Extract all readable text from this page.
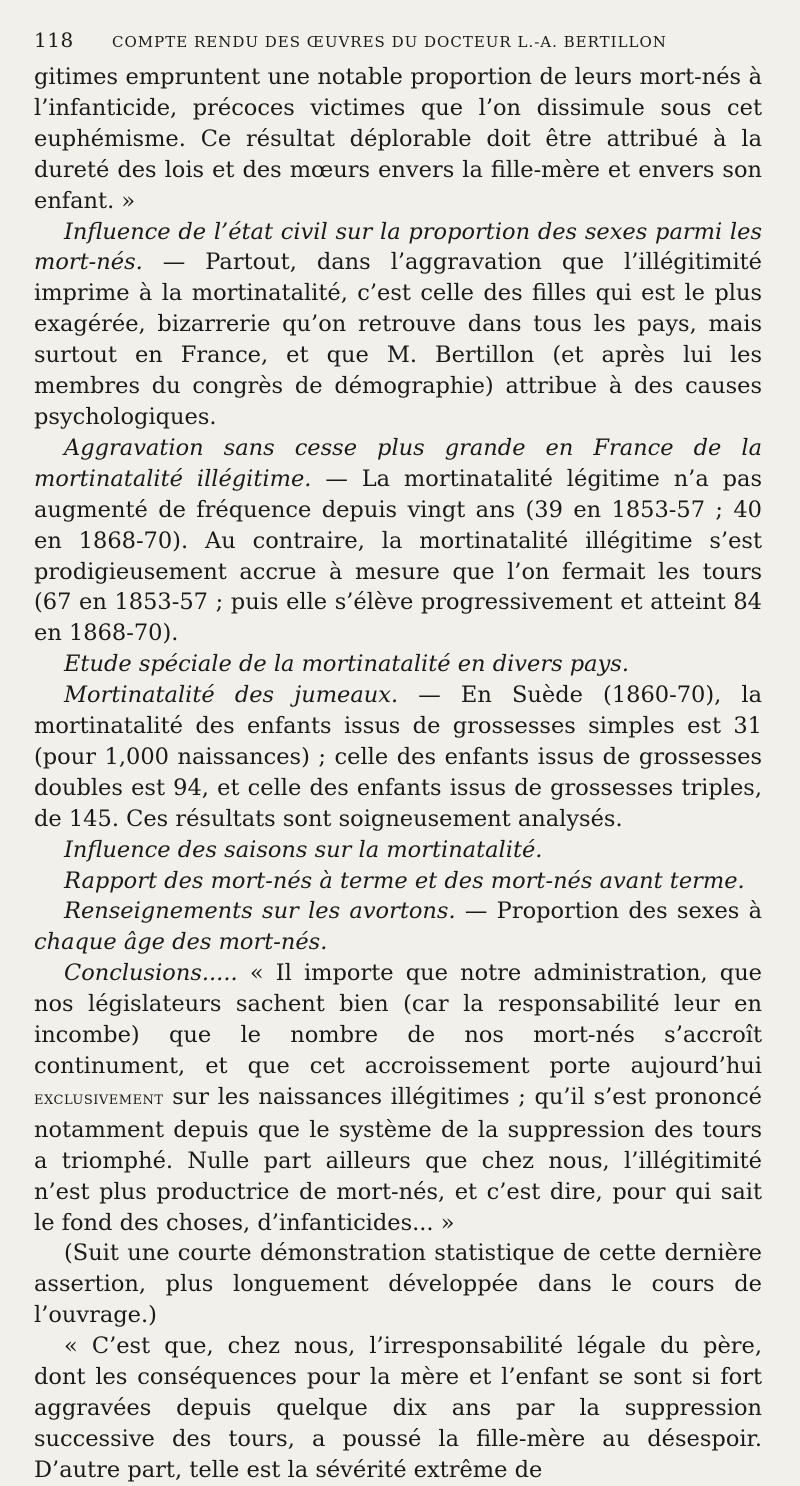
118	COMPTE RENDU DES ŒUVRES DU DOCTEUR L.-A. BERTILLON

gitimes empruntent une notable proportion de leurs mort-nés à l’infanticide, précoces victimes que l’on dissimule sous cet euphémisme. Ce résultat déplorable doit être attribué à la dureté des lois et des mœurs envers la fille-mère et envers son enfant. »

Influence de l’état civil sur la proportion des sexes parmi les mort-nés. — Partout, dans l’aggravation que l’illégitimité imprime à la mortinatalité, c’est celle des filles qui est le plus exagérée, bizarrerie qu’on retrouve dans tous les pays, mais surtout en France, et que M. Bertillon (et après lui les membres du congrès de démographie) attribue à des causes psychologiques.

Aggravation sans cesse plus grande en France de la mortinatalité illégitime. — La mortinatalité légitime n’a pas augmenté de fréquence depuis vingt ans (39 en 1853-57 ; 40 en 1868-70). Au contraire, la mortinatalité illégitime s’est prodigieusement accrue à mesure que l’on fermait les tours (67 en 1853-57 ; puis elle s’élève progressivement et atteint 84 en 1868-70).

Etude spéciale de la mortinatalité en divers pays.

Mortinatalité des jumeaux. — En Suède (1860-70), la mortinatalité des enfants issus de grossesses simples est 31 (pour 1,000 naissances) ; celle des enfants issus de grossesses doubles est 94, et celle des enfants issus de grossesses triples, de 145. Ces résultats sont soigneusement analysés.

Influence des saisons sur la mortinatalité.

Rapport des mort-nés à terme et des mort-nés avant terme.

Renseignements sur les avortons. — Proportion des sexes à chaque âge des mort-nés.

Conclusions..... « Il importe que notre administration, que nos législateurs sachent bien (car la responsabilité leur en incombe) que le nombre de nos mort-nés s’accroît continument, et que cet accroissement porte aujourd’hui exclusivement sur les naissances illégitimes ; qu’il s’est prononcé notamment depuis que le système de la suppression des tours a triomphé. Nulle part ailleurs que chez nous, l’illégitimité n’est plus productrice de mort-nés, et c’est dire, pour qui sait le fond des choses, d’infanticides... »

(Suit une courte démonstration statistique de cette dernière assertion, plus longuement développée dans le cours de l’ouvrage.)

« C’est que, chez nous, l’irresponsabilité légale du père, dont les conséquences pour la mère et l’enfant se sont si fort aggravées depuis quelque dix ans par la suppression successive des tours, a poussé la fille-mère au désespoir. D’autre part, telle est la sévérité extrême de
